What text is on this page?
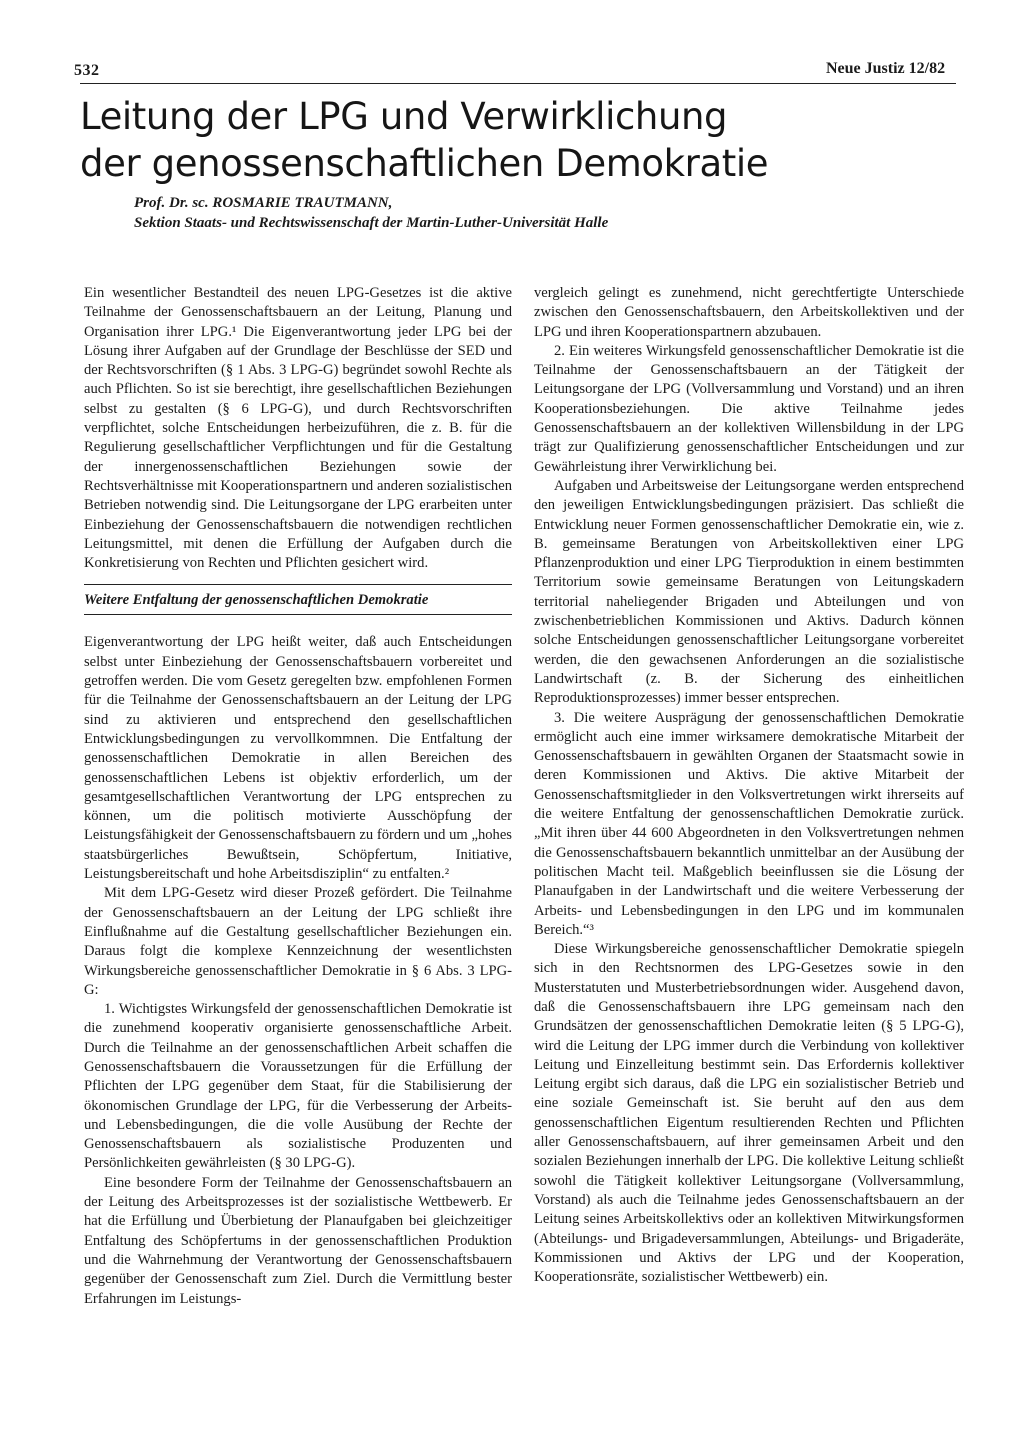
532	Neue Justiz 12/82
Leitung der LPG und Verwirklichung
der genossenschaftlichen Demokratie
Prof. Dr. sc. ROSMARIE TRAUTMANN,
Sektion Staats- und Rechtswissenschaft der Martin-Luther-Universität Halle

Ein wesentlicher Bestandteil des neuen LPG-Gesetzes ist die aktive Teilnahme der Genossenschaftsbauern an der Leitung, Planung und Organisation ihrer LPG.¹ Die Eigenverantwortung jeder LPG bei der Lösung ihrer Aufgaben auf der Grundlage der Beschlüsse der SED und der Rechtsvorschriften (§ 1 Abs. 3 LPG-G) begründet sowohl Rechte als auch Pflichten. So ist sie berechtigt, ihre gesellschaftlichen Beziehungen selbst zu gestalten (§ 6 LPG-G), und durch Rechtsvorschriften verpflichtet, solche Entscheidungen herbeizuführen, die z. B. für die Regulierung gesellschaftlicher Verpflichtungen und für die Gestaltung der innergenossenschaftlichen Beziehungen sowie der Rechtsverhältnisse mit Kooperationspartnern und anderen sozialistischen Betrieben notwendig sind. Die Leitungsorgane der LPG erarbeiten unter Einbeziehung der Genossenschaftsbauern die notwendigen rechtlichen Leitungsmittel, mit denen die Erfüllung der Aufgaben durch die Konkretisierung von Rechten und Pflichten gesichert wird.

Weitere Entfaltung der genossenschaftlichen Demokratie

Eigenverantwortung der LPG heißt weiter, daß auch Entscheidungen selbst unter Einbeziehung der Genossenschaftsbauern vorbereitet und getroffen werden. Die vom Gesetz geregelten bzw. empfohlenen Formen für die Teilnahme der Genossenschaftsbauern an der Leitung der LPG sind zu aktivieren und entsprechend den gesellschaftlichen Entwicklungsbedingungen zu vervollkommnen. Die Entfaltung der genossenschaftlichen Demokratie in allen Bereichen des genossenschaftlichen Lebens ist objektiv erforderlich, um der gesamtgesellschaftlichen Verantwortung der LPG entsprechen zu können, um die politisch motivierte Ausschöpfung der Leistungsfähigkeit der Genossenschaftsbauern zu fördern und um „hohes staatsbürgerliches Bewußtsein, Schöpfertum, Initiative, Leistungsbereitschaft und hohe Arbeitsdisziplin“ zu entfalten.²

Mit dem LPG-Gesetz wird dieser Prozeß gefördert. Die Teilnahme der Genossenschaftsbauern an der Leitung der LPG schließt ihre Einflußnahme auf die Gestaltung gesellschaftlicher Beziehungen ein. Daraus folgt die komplexe Kennzeichnung der wesentlichsten Wirkungsbereiche genossenschaftlicher Demokratie in § 6 Abs. 3 LPG-G:

1. Wichtigstes Wirkungsfeld der genossenschaftlichen Demokratie ist die zunehmend kooperativ organisierte genossenschaftliche Arbeit. Durch die Teilnahme an der genossenschaftlichen Arbeit schaffen die Genossenschaftsbauern die Voraussetzungen für die Erfüllung der Pflichten der LPG gegenüber dem Staat, für die Stabilisierung der ökonomischen Grundlage der LPG, für die Verbesserung der Arbeits- und Lebensbedingungen, die die volle Ausübung der Rechte der Genossenschaftsbauern als sozialistische Produzenten und Persönlichkeiten gewährleisten (§ 30 LPG-G).

Eine besondere Form der Teilnahme der Genossenschaftsbauern an der Leitung des Arbeitsprozesses ist der sozialistische Wettbewerb. Er hat die Erfüllung und Überbietung der Planaufgaben bei gleichzeitiger Entfaltung des Schöpfertums in der genossenschaftlichen Produktion und die Wahrnehmung der Verantwortung der Genossenschaftsbauern gegenüber der Genossenschaft zum Ziel. Durch die Vermittlung bester Erfahrungen im Leistungs-

vergleich gelingt es zunehmend, nicht gerechtfertigte Unterschiede zwischen den Genossenschaftsbauern, den Arbeitskollektiven und der LPG und ihren Kooperationspartnern abzubauen.

2. Ein weiteres Wirkungsfeld genossenschaftlicher Demokratie ist die Teilnahme der Genossenschaftsbauern an der Tätigkeit der Leitungsorgane der LPG (Vollversammlung und Vorstand) und an ihren Kooperationsbeziehungen. Die aktive Teilnahme jedes Genossenschaftsbauern an der kollektiven Willensbildung in der LPG trägt zur Qualifizierung genossenschaftlicher Entscheidungen und zur Gewährleistung ihrer Verwirklichung bei.

Aufgaben und Arbeitsweise der Leitungsorgane werden entsprechend den jeweiligen Entwicklungsbedingungen präzisiert. Das schließt die Entwicklung neuer Formen genossenschaftlicher Demokratie ein, wie z. B. gemeinsame Beratungen von Arbeitskollektiven einer LPG Pflanzenproduktion und einer LPG Tierproduktion in einem bestimmten Territorium sowie gemeinsame Beratungen von Leitungskadern territorial naheliegender Brigaden und Abteilungen und von zwischenbetrieblichen Kommissionen und Aktivs. Dadurch können solche Entscheidungen genossenschaftlicher Leitungsorgane vorbereitet werden, die den gewachsenen Anforderungen an die sozialistische Landwirtschaft (z. B. der Sicherung des einheitlichen Reproduktionsprozesses) immer besser entsprechen.

3. Die weitere Ausprägung der genossenschaftlichen Demokratie ermöglicht auch eine immer wirksamere demokratische Mitarbeit der Genossenschaftsbauern in gewählten Organen der Staatsmacht sowie in deren Kommissionen und Aktivs. Die aktive Mitarbeit der Genossenschaftsmitglieder in den Volksvertretungen wirkt ihrerseits auf die weitere Entfaltung der genossenschaftlichen Demokratie zurück. „Mit ihren über 44 600 Abgeordneten in den Volksvertretungen nehmen die Genossenschaftsbauern bekanntlich unmittelbar an der Ausübung der politischen Macht teil. Maßgeblich beeinflussen sie die Lösung der Planaufgaben in der Landwirtschaft und die weitere Verbesserung der Arbeits- und Lebensbedingungen in den LPG und im kommunalen Bereich.“³

Diese Wirkungsbereiche genossenschaftlicher Demokratie spiegeln sich in den Rechtsnormen des LPG-Gesetzes sowie in den Musterstatuten und Musterbetriebsordnungen wider. Ausgehend davon, daß die Genossenschaftsbauern ihre LPG gemeinsam nach den Grundsätzen der genossenschaftlichen Demokratie leiten (§ 5 LPG-G), wird die Leitung der LPG immer durch die Verbindung von kollektiver Leitung und Einzelleitung bestimmt sein. Das Erfordernis kollektiver Leitung ergibt sich daraus, daß die LPG ein sozialistischer Betrieb und eine soziale Gemeinschaft ist. Sie beruht auf den aus dem genossenschaftlichen Eigentum resultierenden Rechten und Pflichten aller Genossenschaftsbauern, auf ihrer gemeinsamen Arbeit und den sozialen Beziehungen innerhalb der LPG. Die kollektive Leitung schließt sowohl die Tätigkeit kollektiver Leitungsorgane (Vollversammlung, Vorstand) als auch die Teilnahme jedes Genossenschaftsbauern an der Leitung seines Arbeitskollektivs oder an kollektiven Mitwirkungsformen (Abteilungs- und Brigadeversammlungen, Abteilungs- und Brigaderäte, Kommissionen und Aktivs der LPG und der Kooperation, Kooperationsräte, sozialistischer Wettbewerb) ein.
